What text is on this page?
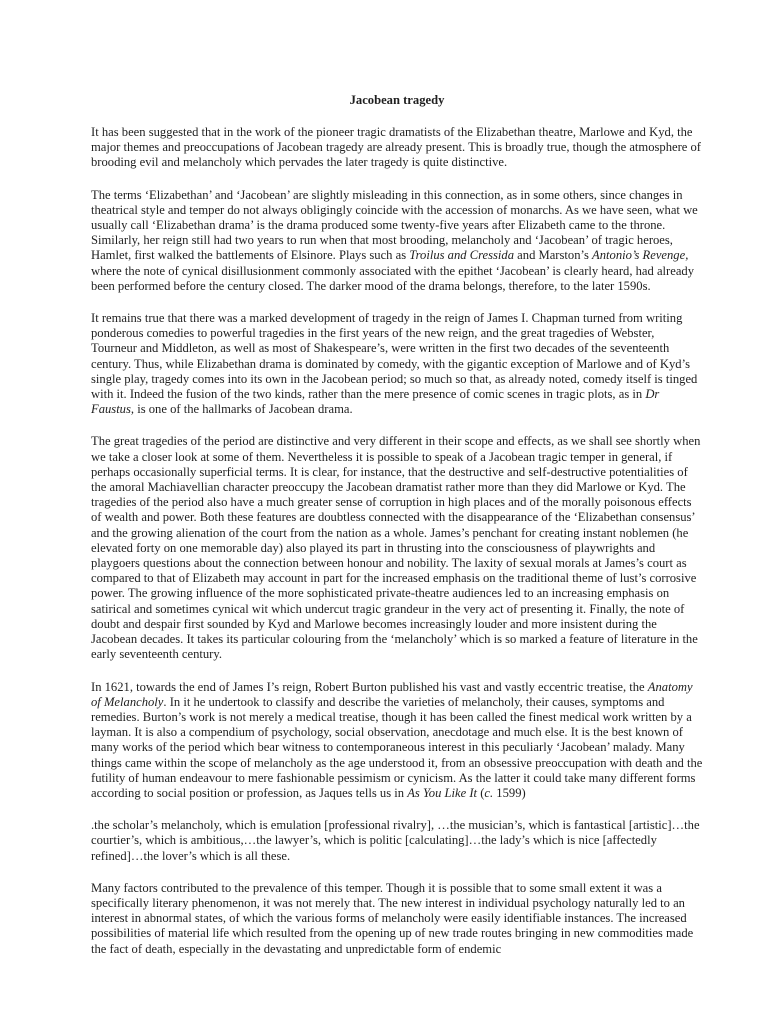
Jacobean tragedy

It has been suggested that in the work of the pioneer tragic dramatists of the Elizabethan theatre, Marlowe and Kyd, the major themes and preoccupations of Jacobean tragedy are already present. This is broadly true, though the atmosphere of brooding evil and melancholy which pervades the later tragedy is quite distinctive.

The terms ‘Elizabethan’ and ‘Jacobean’ are slightly misleading in this connection, as in some others, since changes in theatrical style and temper do not always obligingly coincide with the accession of monarchs. As we have seen, what we usually call ‘Elizabethan drama’ is the drama produced some twenty-five years after Elizabeth came to the throne. Similarly, her reign still had two years to run when that most brooding, melancholy and ‘Jacobean’ of tragic heroes, Hamlet, first walked the battlements of Elsinore. Plays such as Troilus and Cressida and Marston’s Antonio’s Revenge, where the note of cynical disillusionment commonly associated with the epithet ‘Jacobean’ is clearly heard, had already been performed before the century closed. The darker mood of the drama belongs, therefore, to the later 1590s.

It remains true that there was a marked development of tragedy in the reign of James I. Chapman turned from writing ponderous comedies to powerful tragedies in the first years of the new reign, and the great tragedies of Webster, Tourneur and Middleton, as well as most of Shakespeare’s, were written in the first two decades of the seventeenth century. Thus, while Elizabethan drama is dominated by comedy, with the gigantic exception of Marlowe and of Kyd’s single play, tragedy comes into its own in the Jacobean period; so much so that, as already noted, comedy itself is tinged with it. Indeed the fusion of the two kinds, rather than the mere presence of comic scenes in tragic plots, as in Dr Faustus, is one of the hallmarks of Jacobean drama.

The great tragedies of the period are distinctive and very different in their scope and effects, as we shall see shortly when we take a closer look at some of them. Nevertheless it is possible to speak of a Jacobean tragic temper in general, if perhaps occasionally superficial terms. It is clear, for instance, that the destructive and self-destructive potentialities of the amoral Machiavellian character preoccupy the Jacobean dramatist rather more than they did Marlowe or Kyd. The tragedies of the period also have a much greater sense of corruption in high places and of the morally poisonous effects of wealth and power. Both these features are doubtless connected with the disappearance of the ‘Elizabethan consensus’ and the growing alienation of the court from the nation as a whole. James’s penchant for creating instant noblemen (he elevated forty on one memorable day) also played its part in thrusting into the consciousness of playwrights and playgoers questions about the connection between honour and nobility. The laxity of sexual morals at James’s court as compared to that of Elizabeth may account in part for the increased emphasis on the traditional theme of lust’s corrosive power. The growing influence of the more sophisticated private-theatre audiences led to an increasing emphasis on satirical and sometimes cynical wit which undercut tragic grandeur in the very act of presenting it. Finally, the note of doubt and despair first sounded by Kyd and Marlowe becomes increasingly louder and more insistent during the Jacobean decades. It takes its particular colouring from the ‘melancholy’ which is so marked a feature of literature in the early seventeenth century.

In 1621, towards the end of James I’s reign, Robert Burton published his vast and vastly eccentric treatise, the Anatomy of Melancholy. In it he undertook to classify and describe the varieties of melancholy, their causes, symptoms and remedies. Burton’s work is not merely a medical treatise, though it has been called the finest medical work written by a layman. It is also a compendium of psychology, social observation, anecdotage and much else. It is the best known of many works of the period which bear witness to contemporaneous interest in this peculiarly ‘Jacobean’ malady. Many things came within the scope of melancholy as the age understood it, from an obsessive preoccupation with death and the futility of human endeavour to mere fashionable pessimism or cynicism. As the latter it could take many different forms according to social position or profession, as Jaques tells us in As You Like It (c. 1599)

.the scholar’s melancholy, which is emulation [professional rivalry], …the musician’s, which is fantastical [artistic]…the courtier’s, which is ambitious,…the lawyer’s, which is politic [calculating]…the lady’s which is nice [affectedly refined]…the lover’s which is all these.

Many factors contributed to the prevalence of this temper. Though it is possible that to some small extent it was a specifically literary phenomenon, it was not merely that. The new interest in individual psychology naturally led to an interest in abnormal states, of which the various forms of melancholy were easily identifiable instances. The increased possibilities of material life which resulted from the opening up of new trade routes bringing in new commodities made the fact of death, especially in the devastating and unpredictable form of endemic
